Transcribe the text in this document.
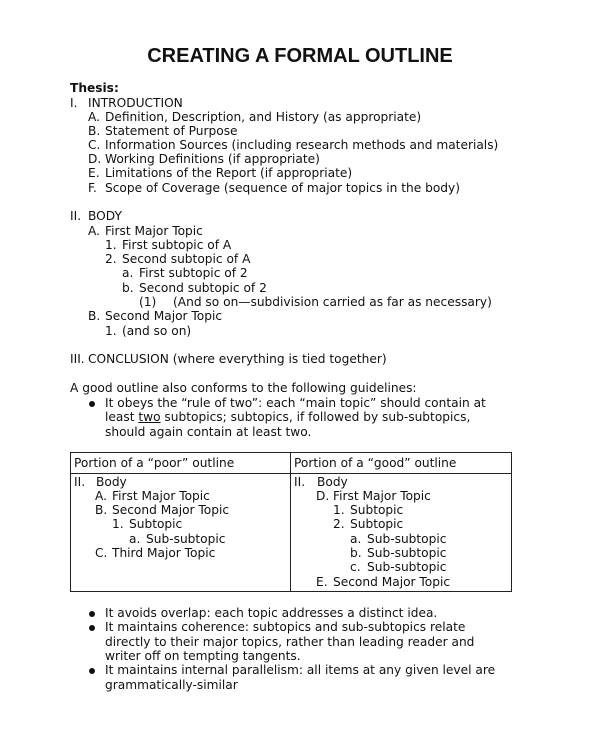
CREATING A FORMAL OUTLINE
Thesis:
I. INTRODUCTION
A. Definition, Description, and History (as appropriate)
B. Statement of Purpose
C. Information Sources (including research methods and materials)
D. Working Definitions (if appropriate)
E. Limitations of the Report (if appropriate)
F. Scope of Coverage (sequence of major topics in the body)
II. BODY
A. First Major Topic
1. First subtopic of A
2. Second subtopic of A
a. First subtopic of 2
b. Second subtopic of 2
(1) (And so on—subdivision carried as far as necessary)
B. Second Major Topic
1. (and so on)
III. CONCLUSION (where everything is tied together)
A good outline also conforms to the following guidelines:
It obeys the “rule of two”: each “main topic” should contain at
least two subtopics; subtopics, if followed by sub-subtopics,
should again contain at least two.
Portion of a “poor” outline	Portion of a “good” outline
II. Body
A. First Major Topic
B. Second Major Topic
1. Subtopic
a. Sub-subtopic
C. Third Major Topic
II. Body
D. First Major Topic
1. Subtopic
2. Subtopic
a. Sub-subtopic
b. Sub-subtopic
c. Sub-subtopic
E. Second Major Topic
It avoids overlap: each topic addresses a distinct idea.
It maintains coherence: subtopics and sub-subtopics relate
directly to their major topics, rather than leading reader and
writer off on tempting tangents.
It maintains internal parallelism: all items at any given level are
grammatically-similar
